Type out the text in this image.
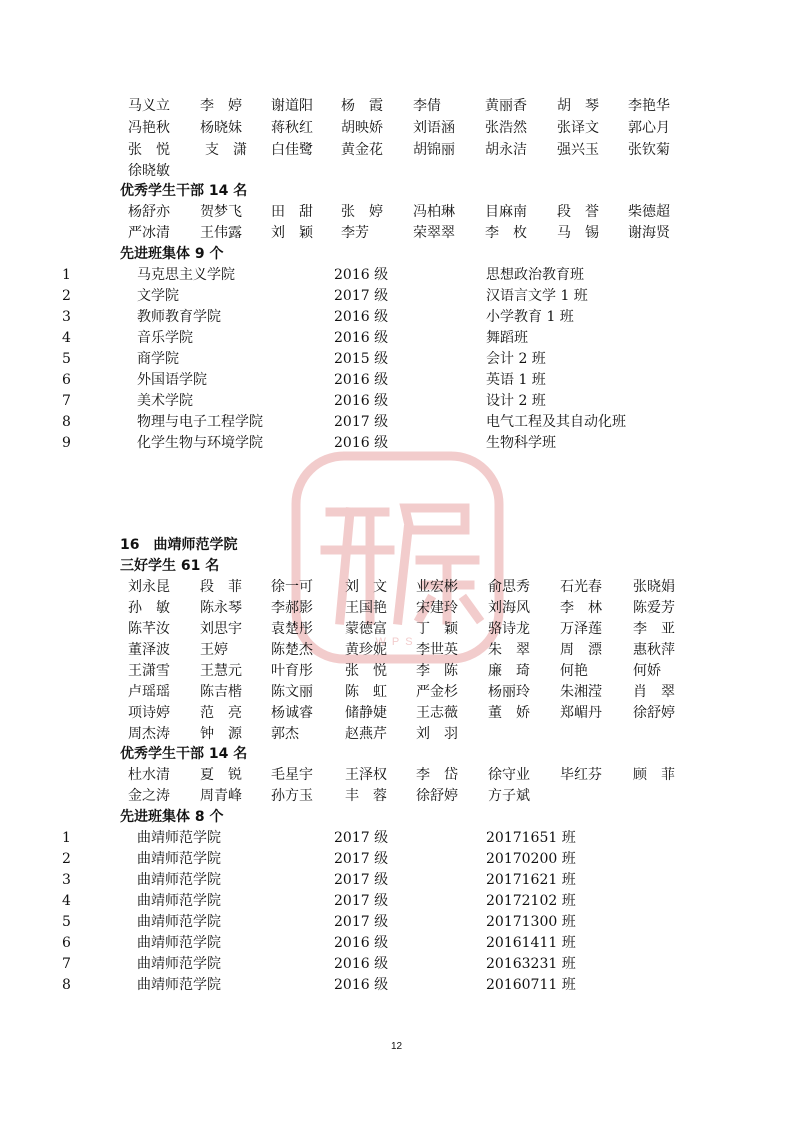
马义立 李　婷 谢道阳 杨　霞 李倩	黄丽香 胡　琴 李艳华
冯艳秋 杨晓妹 蒋秋红 胡映娇 刘语涵 张浩然 张译文 郭心月
张　悦	支　潇 白佳鹭 黄金花 胡锦丽 胡永洁 强兴玉 张钦菊
徐晓敏
优秀学生干部 14 名
杨舒亦 贺梦飞 田　甜 张　婷 冯柏琳 目麻南 段　誉 柴德超
严冰清 王伟露 刘　颖 李芳	荣翠翠 李　枚 马　锡 谢海贤
先进班集体 9 个
1	马克思主义学院	2016 级	思想政治教育班
2	文学院	2017 级	汉语言文学 1 班
3	教师教育学院	2016 级	小学教育 1 班
4	音乐学院	2016 级	舞蹈班
5	商学院	2015 级	会计 2 班
6	外国语学院	2016 级	英语 1 班
7	美术学院	2016 级	设计 2 班
8	物理与电子工程学院	2017 级	电气工程及其自动化班
9	化学生物与环境学院	2016 级	生物科学班
WPS
16　曲靖师范学院
三好学生 61 名
刘永昆 段　菲 徐一可 刘　文 业宏彬 俞思秀 石光春 张晓娟
孙　敏 陈永琴 李郝影 王国艳 宋建玲 刘海风 李　林 陈爱芳
陈芊汝 刘思宇 袁楚彤 蒙德富 丁　颖 骆诗龙 万泽莲 李　亚
董泽波 王婷	陈楚杰 黄珍妮 李世英 朱　翠 周　漂 惠秋萍
王潇雪 王慧元 叶育彤 张　悦 李　陈 廉　琦 何艳	何娇
卢瑶瑶 陈吉楷 陈文丽 陈　虹 严金杉 杨丽玲 朱湘滢 肖　翠
项诗婷 范　亮 杨诚睿 储静婕 王志薇 董　娇 郑嵋丹 徐舒婷
周杰涛 钟　源 郭杰	赵燕芹 刘　羽
优秀学生干部 14 名
杜水清 夏　锐 毛星宇 王泽权 李　岱 徐守业 毕红芬 顾　菲
金之涛 周青峰 孙方玉 丰　蓉 徐舒婷 方子斌
先进班集体 8 个
1	曲靖师范学院	2017 级	20171651 班
2	曲靖师范学院	2017 级	20170200 班
3	曲靖师范学院	2017 级	20171621 班
4	曲靖师范学院	2017 级	20172102 班
5	曲靖师范学院	2017 级	20171300 班
6	曲靖师范学院	2016 级	20161411 班
7	曲靖师范学院	2016 级	20163231 班
8	曲靖师范学院	2016 级	20160711 班
12
